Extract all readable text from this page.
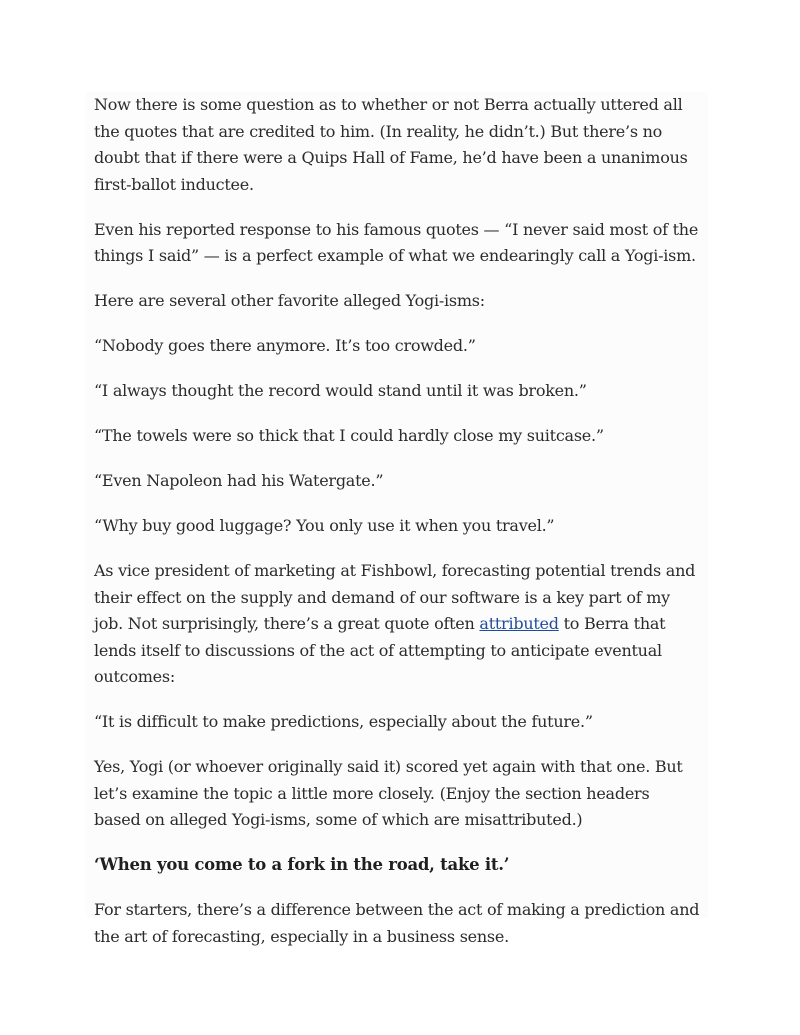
Now there is some question as to whether or not Berra actually uttered all the quotes that are credited to him. (In reality, he didn’t.) But there’s no doubt that if there were a Quips Hall of Fame, he’d have been a unanimous first-ballot inductee.

Even his reported response to his famous quotes — “I never said most of the things I said” — is a perfect example of what we endearingly call a Yogi-ism.

Here are several other favorite alleged Yogi-isms:

“Nobody goes there anymore. It’s too crowded.”

“I always thought the record would stand until it was broken.”

“The towels were so thick that I could hardly close my suitcase.”

“Even Napoleon had his Watergate.”

“Why buy good luggage? You only use it when you travel.”

As vice president of marketing at Fishbowl, forecasting potential trends and their effect on the supply and demand of our software is a key part of my job. Not surprisingly, there’s a great quote often attributed to Berra that lends itself to discussions of the act of attempting to anticipate eventual outcomes:

“It is difficult to make predictions, especially about the future.”

Yes, Yogi (or whoever originally said it) scored yet again with that one. But let’s examine the topic a little more closely. (Enjoy the section headers based on alleged Yogi-isms, some of which are misattributed.)

‘When you come to a fork in the road, take it.’

For starters, there’s a difference between the act of making a prediction and the art of forecasting, especially in a business sense.
